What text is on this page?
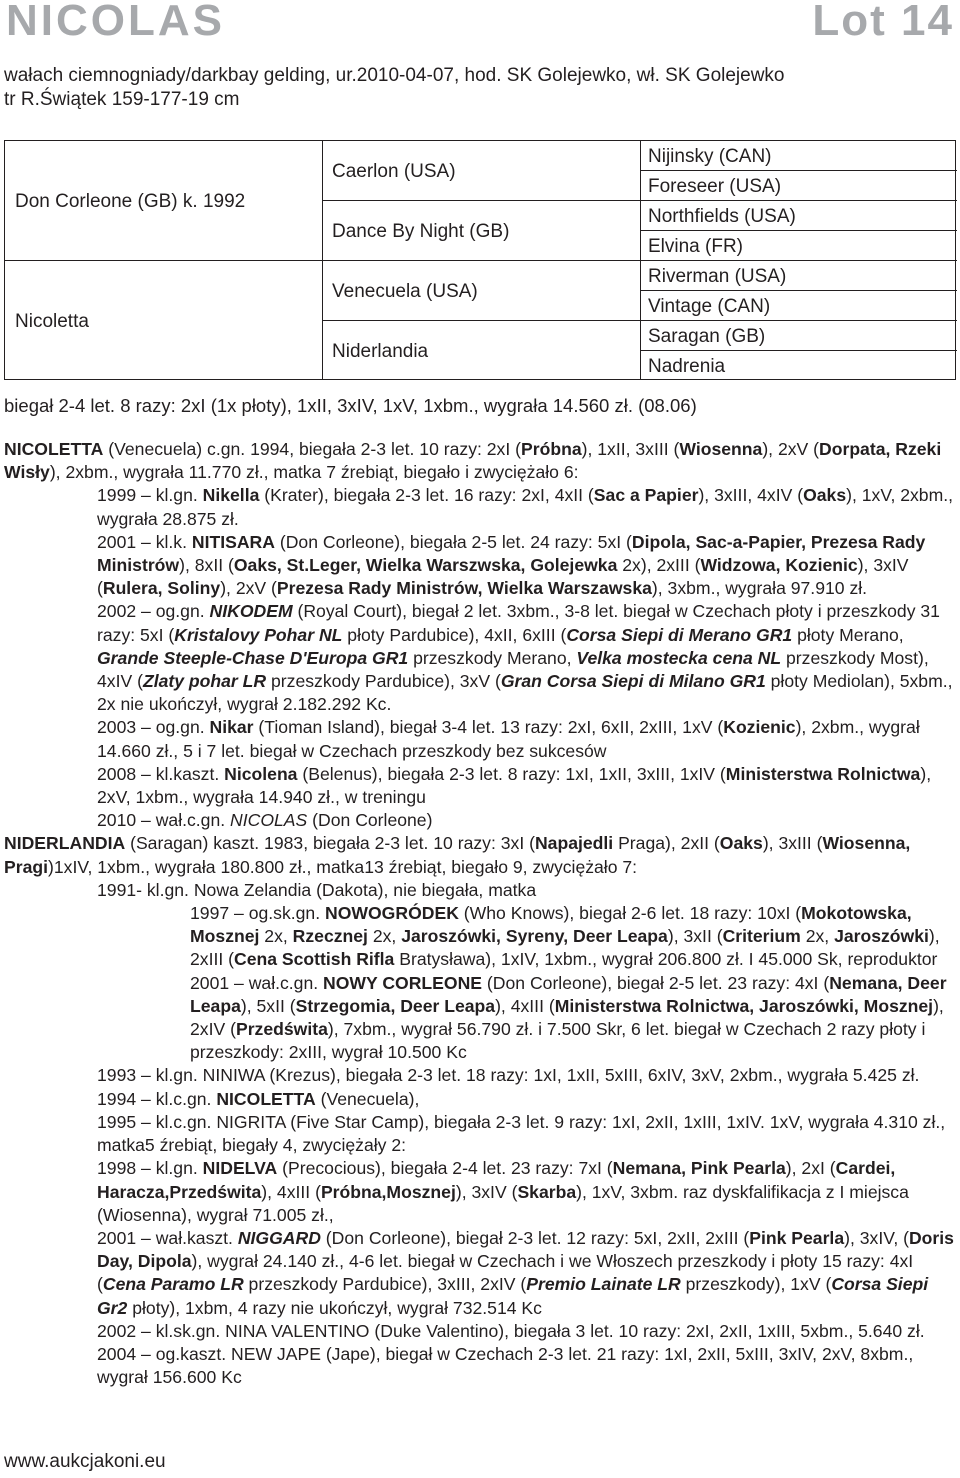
NICOLAS	Lot 14
wałach ciemnogniady/darkbay gelding, ur.2010-04-07, hod. SK Golejewko, wł. SK Golejewko
tr R.Świątek 159-177-19 cm
Don Corleone (GB) k. 1992
Nicoletta
Caerlon (USA)
Dance By Night (GB)
Venecuela (USA)
Niderlandia
Nijinsky (CAN)
Foreseer (USA)
Northfields (USA)
Elvina (FR)
Riverman (USA)
Vintage (CAN)
Saragan (GB)
Nadrenia
biegał 2-4 let. 8 razy: 2xI (1x płoty), 1xII, 3xIV, 1xV, 1xbm., wygrała 14.560 zł. (08.06)

NICOLETTA (Venecuela) c.gn. 1994, biegała 2-3 let. 10 razy: 2xI (Próbna), 1xII, 3xIII (Wiosenna), 2xV (Dorpata, Rzeki Wisły), 2xbm., wygrała 11.770 zł., matka 7 źrebiąt, biegało i zwyciężało 6:

1999 – kl.gn. Nikella (Krater), biegała 2-3 let. 16 razy: 2xI, 4xII (Sac a Papier), 3xIII, 4xIV (Oaks), 1xV, 2xbm., wygrała 28.875 zł.

2001 – kl.k. NITISARA (Don Corleone), biegała 2-5 let. 24 razy: 5xI (Dipola, Sac-a-Papier, Prezesa Rady Ministrów), 8xII (Oaks, St.Leger, Wielka Warszwska, Golejewka 2x), 2xIII (Widzowa, Kozienic), 3xIV (Rulera, Soliny), 2xV (Prezesa Rady Ministrów, Wielka Warszawska), 3xbm., wygrała 97.910 zł.

2002 – og.gn. NIKODEM (Royal Court), biegał 2 let. 3xbm., 3-8 let. biegał w Czechach płoty i przeszkody 31 razy: 5xI (Kristalovy Pohar NL płoty Pardubice), 4xII, 6xIII (Corsa Siepi di Merano GR1 płoty Merano, Grande Steeple-Chase D'Europa GR1 przeszkody Merano, Velka mostecka cena NL przeszkody Most), 4xIV (Zlaty pohar LR przeszkody Pardubice), 3xV (Gran Corsa Siepi di Milano GR1 płoty Mediolan), 5xbm., 2x nie ukończył, wygrał 2.182.292 Kc.

2003 – og.gn. Nikar (Tioman Island), biegał 3-4 let. 13 razy: 2xI, 6xII, 2xIII, 1xV (Kozienic), 2xbm., wygrał 14.660 zł., 5 i 7 let. biegał w Czechach przeszkody bez sukcesów

2008 – kl.kaszt. Nicolena (Belenus), biegała 2-3 let. 8 razy: 1xI, 1xII, 3xIII, 1xIV (Ministerstwa Rolnictwa), 2xV, 1xbm., wygrała 14.940 zł., w treningu

2010 – wał.c.gn. NICOLAS (Don Corleone)

NIDERLANDIA (Saragan) kaszt. 1983, biegała 2-3 let. 10 razy: 3xI (Napajedli Praga), 2xII (Oaks), 3xIII (Wiosenna, Pragi)1xIV, 1xbm., wygrała 180.800 zł., matka13 źrebiąt, biegało 9, zwyciężało 7:

1991- kl.gn. Nowa Zelandia (Dakota), nie biegała, matka

1997 – og.sk.gn. NOWOGRÓDEK (Who Knows), biegał 2-6 let. 18 razy: 10xI (Mokotowska, Mosznej 2x, Rzecznej 2x, Jaroszówki, Syreny, Deer Leapa), 3xII (Criterium 2x, Jaroszówki), 2xIII (Cena Scottish Rifla Bratysława), 1xIV, 1xbm., wygrał 206.800 zł. I 45.000 Sk, reproduktor

2001 – wał.c.gn. NOWY CORLEONE (Don Corleone), biegał 2-5 let. 23 razy: 4xI (Nemana, Deer Leapa), 5xII (Strzegomia, Deer Leapa), 4xIII (Ministerstwa Rolnictwa, Jaroszówki, Mosznej), 2xIV (Przedświta), 7xbm., wygrał 56.790 zł. i 7.500 Skr, 6 let. biegał w Czechach 2 razy płoty i przeszkody: 2xIII, wygrał 10.500 Kc

1993 – kl.gn. NINIWA (Krezus), biegała 2-3 let. 18 razy: 1xI, 1xII, 5xIII, 6xIV, 3xV, 2xbm., wygrała 5.425 zł.

1994 – kl.c.gn. NICOLETTA (Venecuela),

1995 – kl.c.gn. NIGRITA (Five Star Camp), biegała 2-3 let. 9 razy: 1xI, 2xII, 1xIII, 1xIV. 1xV, wygrała 4.310 zł., matka5 źrebiąt, biegały 4, zwyciężały 2:

1998 – kl.gn. NIDELVA (Precocious), biegała 2-4 let. 23 razy: 7xI (Nemana, Pink Pearla), 2xI (Cardei, Haracza,Przedświta), 4xIII (Próbna,Mosznej), 3xIV (Skarba), 1xV, 3xbm. raz dyskfalifikacja z I miejsca (Wiosenna), wygrał 71.005 zł.,

2001 – wał.kaszt. NIGGARD (Don Corleone), biegał 2-3 let. 12 razy: 5xI, 2xII, 2xIII (Pink Pearla), 3xIV, (Doris Day, Dipola), wygrał 24.140 zł., 4-6 let. biegał w Czechach i we Włoszech przeszkody i płoty 15 razy: 4xI (Cena Paramo LR przeszkody Pardubice), 3xIII, 2xIV (Premio Lainate LR przeszkody), 1xV (Corsa Siepi Gr2 płoty), 1xbm, 4 razy nie ukończył, wygrał 732.514 Kc

2002 – kl.sk.gn. NINA VALENTINO (Duke Valentino), biegała 3 let. 10 razy: 2xI, 2xII, 1xIII, 5xbm., 5.640 zł.

2004 – og.kaszt. NEW JAPE (Jape), biegał w Czechach 2-3 let. 21 razy: 1xI, 2xII, 5xIII, 3xIV, 2xV, 8xbm., wygrał 156.600 Kc

www.aukcjakoni.eu
